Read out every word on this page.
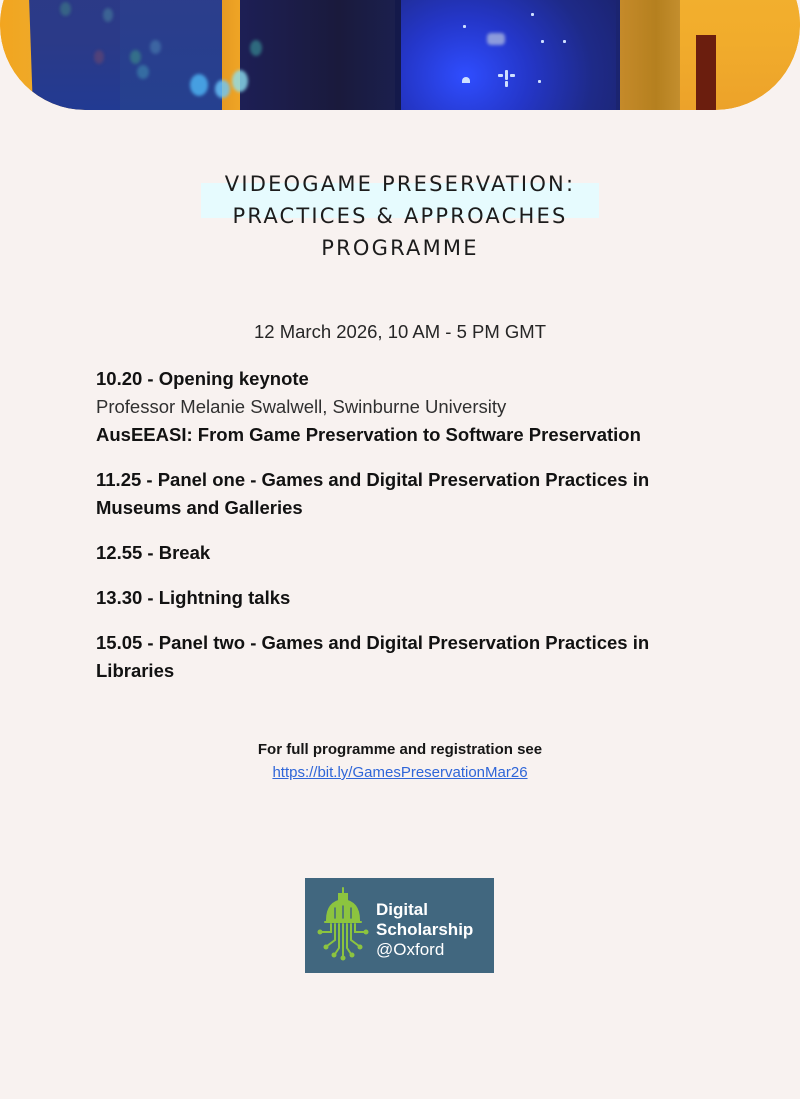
VIDEOGAME PRESERVATION:
PRACTICES & APPROACHES
PROGRAMME
12 March 2026, 10 AM - 5 PM GMT
10.20 - Opening keynote
Professor Melanie Swalwell, Swinburne University
AusEEASI: From Game Preservation to Software Preservation
11.25 - Panel one - Games and Digital Preservation Practices in Museums and Galleries
12.55 - Break
13.30 - Lightning talks
15.05 - Panel two - Games and Digital Preservation Practices in Libraries
For full programme and registration see
https://bit.ly/GamesPreservationMar26
Digital
Scholarship
@Oxford
